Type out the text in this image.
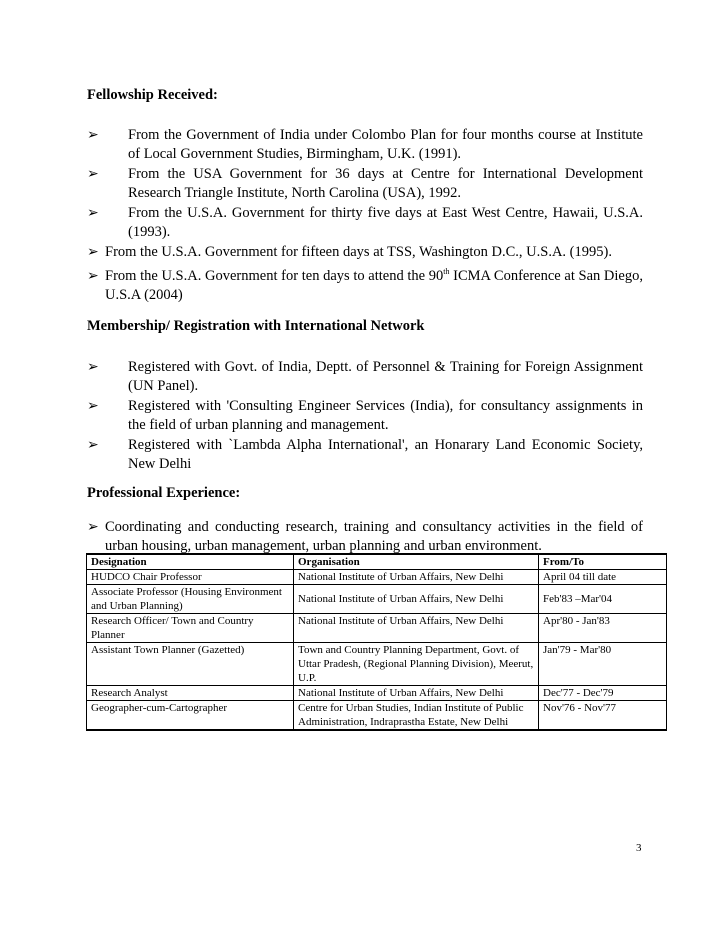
Fellowship Received:
➢ From the Government of India under Colombo Plan for four months course at Institute of Local Government Studies, Birmingham, U.K. (1991).
➢ From the USA Government for 36 days at Centre for International Development Research Triangle Institute, North Carolina (USA), 1992.
➢ From the U.S.A. Government for thirty five days at East West Centre, Hawaii, U.S.A. (1993).
➢ From the U.S.A. Government for fifteen days at TSS, Washington D.C., U.S.A. (1995).
➢ From the U.S.A. Government for ten days to attend the 90th ICMA Conference at San Diego, U.S.A (2004)
Membership/ Registration with International Network
➢ Registered with Govt. of India, Deptt. of Personnel & Training for Foreign Assignment (UN Panel).
➢ Registered with 'Consulting Engineer Services (India), for consultancy assignments in the field of urban planning and management.
➢ Registered with `Lambda Alpha International', an Honarary Land Economic Society, New Delhi
Professional Experience:
➢ Coordinating and conducting research, training and consultancy activities in the field of urban housing, urban management, urban planning and urban environment.
Designation	Organisation	From/To
HUDCO Chair Professor	National Institute of Urban Affairs, New Delhi	April 04 till date
Associate Professor (Housing Environment and Urban Planning)	National Institute of Urban Affairs, New Delhi	Feb'83 –Mar'04
Research Officer/ Town and Country Planner	National Institute of Urban Affairs, New Delhi	Apr'80 - Jan'83
Assistant Town Planner (Gazetted)	Town and Country Planning Department, Govt. of Uttar Pradesh, (Regional Planning Division), Meerut, U.P.	Jan'79 - Mar'80
Research Analyst	National Institute of Urban Affairs, New Delhi	Dec'77 - Dec'79
Geographer-cum-Cartographer	Centre for Urban Studies, Indian Institute of Public Administration, Indraprastha Estate, New Delhi	Nov'76 - Nov'77
3
